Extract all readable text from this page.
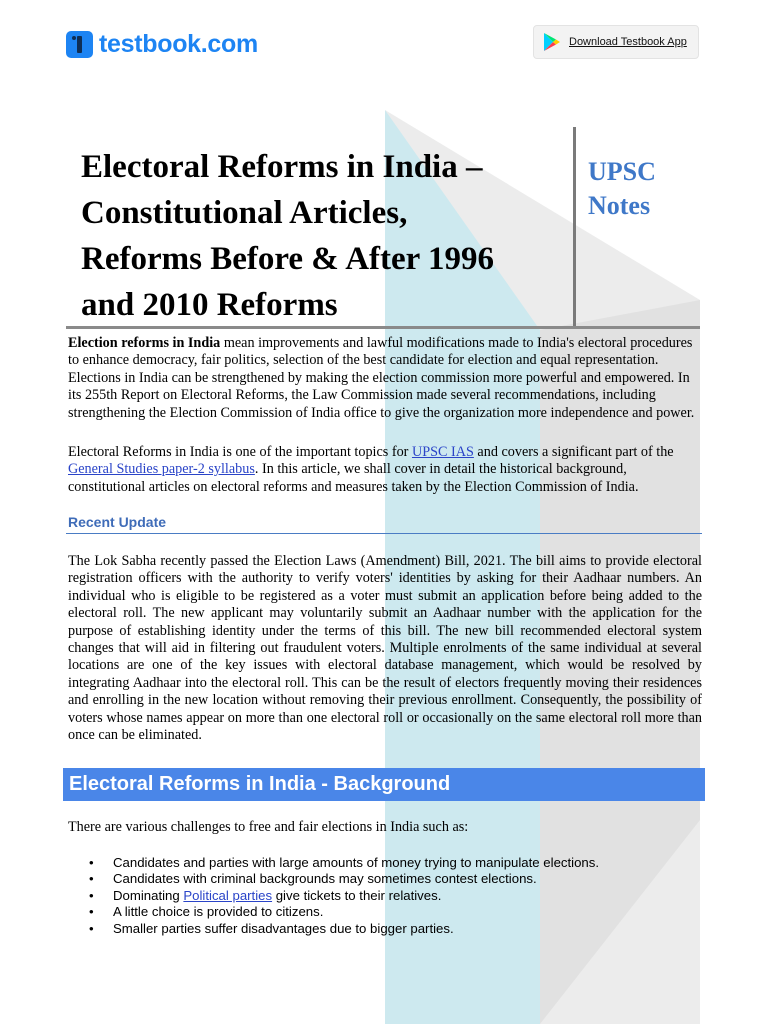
testbook.com	Download Testbook App
Electoral Reforms in India –
Constitutional Articles,
Reforms Before & After 1996
and 2010 Reforms
UPSC
Notes

Election reforms in India mean improvements and lawful modifications made to India's electoral procedures to enhance democracy, fair politics, selection of the best candidate for election and equal representation. Elections in India can be strengthened by making the election commission more powerful and empowered. In its 255th Report on Electoral Reforms, the Law Commission made several recommendations, including strengthening the Election Commission of India office to give the organization more independence and power.

Electoral Reforms in India is one of the important topics for UPSC IAS and covers a significant part of the General Studies paper-2 syllabus. In this article, we shall cover in detail the historical background, constitutional articles on electoral reforms and measures taken by the Election Commission of India.

Recent Update

The Lok Sabha recently passed the Election Laws (Amendment) Bill, 2021. The bill aims to provide electoral registration officers with the authority to verify voters' identities by asking for their Aadhaar numbers. An individual who is eligible to be registered as a voter must submit an application before being added to the electoral roll. The new applicant may voluntarily submit an Aadhaar number with the application for the purpose of establishing identity under the terms of this bill. The new bill recommended electoral system changes that will aid in filtering out fraudulent voters. Multiple enrolments of the same individual at several locations are one of the key issues with electoral database management, which would be resolved by integrating Aadhaar into the electoral roll. This can be the result of electors frequently moving their residences and enrolling in the new location without removing their previous enrollment. Consequently, the possibility of voters whose names appear on more than one electoral roll or occasionally on the same electoral roll more than once can be eliminated.

Electoral Reforms in India - Background

There are various challenges to free and fair elections in India such as:

• Candidates and parties with large amounts of money trying to manipulate elections.
• Candidates with criminal backgrounds may sometimes contest elections.
• Dominating Political parties give tickets to their relatives.
• A little choice is provided to citizens.
• Smaller parties suffer disadvantages due to bigger parties.
